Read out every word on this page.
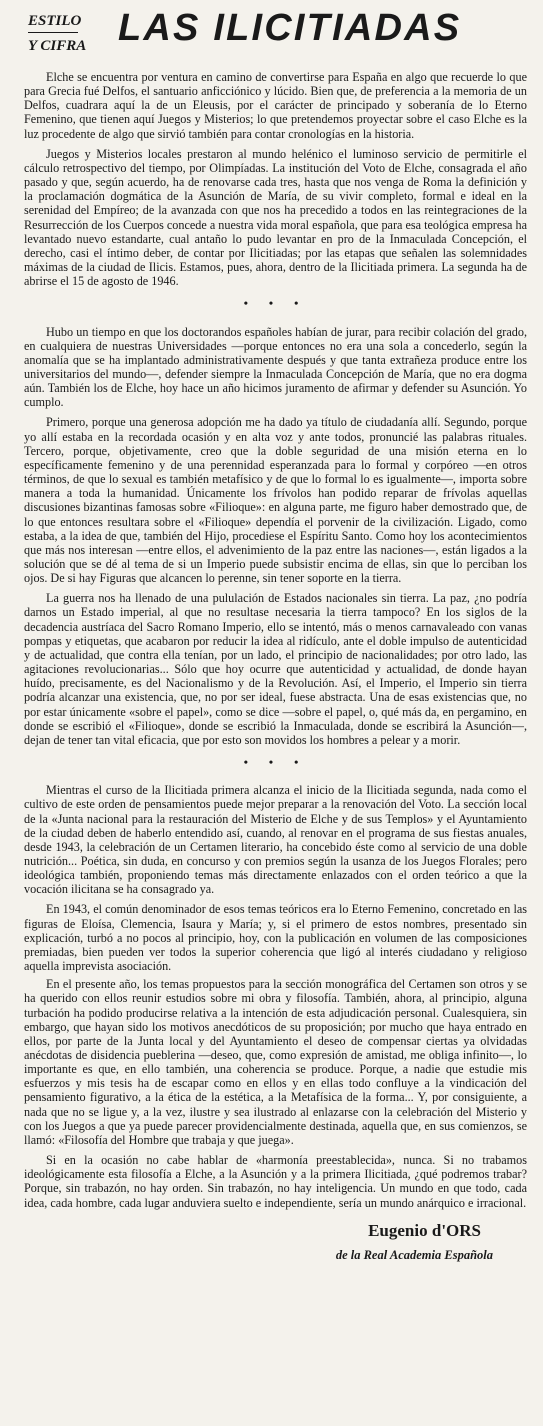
ESTILO
Y CIFRA LAS ILICITIADAS

Elche se encuentra por ventura en camino de convertirse para España en algo que recuerde lo que para Grecia fué Delfos, el santuario anficciónico y lúcido. Bien que, de preferencia a la memoria de un Delfos, cuadrara aquí la de un Eleusis, por el carácter de principado y soberanía de lo Eterno Femenino, que tienen aquí Juegos y Misterios; lo que pretendemos proyectar sobre el caso Elche es la luz procedente de algo que sirvió también para contar cronologías en la historia.

Juegos y Misterios locales prestaron al mundo helénico el luminoso servicio de permitirle el cálculo retrospectivo del tiempo, por Olimpíadas. La institución del Voto de Elche, consagrada el año pasado y que, según acuerdo, ha de renovarse cada tres, hasta que nos venga de Roma la definición y la proclamación dogmática de la Asunción de María, de su vivir completo, formal e ideal en la serenidad del Empíreo; de la avanzada con que nos ha precedido a todos en las reintegraciones de la Resurrección de los Cuerpos concede a nuestra vida moral española, que para esa teológica empresa ha levantado nuevo estandarte, cual antaño lo pudo levantar en pro de la Inmaculada Concepción, el derecho, casi el íntimo deber, de contar por Ilicitiadas; por las etapas que señalen las solemnidades máximas de la ciudad de Ilicis. Estamos, pues, ahora, dentro de la Ilicitiada primera. La segunda ha de abrirse el 15 de agosto de 1946.

• • •

Hubo un tiempo en que los doctorandos españoles habían de jurar, para recibir colación del grado, en cualquiera de nuestras Universidades —porque entonces no era una sola a concederlo, según la anomalía que se ha implantado administrativamente después y que tanta extrañeza produce entre los universitarios del mundo—, defender siempre la Inmaculada Concepción de María, que no era dogma aún. También los de Elche, hoy hace un año hicimos juramento de afirmar y defender su Asunción. Yo cumplo.

Primero, porque una generosa adopción me ha dado ya título de ciudadanía allí. Segundo, porque yo allí estaba en la recordada ocasión y en alta voz y ante todos, pronuncié las palabras rituales. Tercero, porque, objetivamente, creo que la doble seguridad de una misión eterna en lo específicamente femenino y de una perennidad esperanzada para lo formal y corpóreo —en otros términos, de que lo sexual es también metafísico y de que lo formal lo es igualmente—, importa sobre manera a toda la humanidad. Únicamente los frívolos han podido reparar de frívolas aquellas discusiones bizantinas famosas sobre «Filioque»: en alguna parte, me figuro haber demostrado que, de lo que entonces resultara sobre el «Filioque» dependía el porvenir de la civilización. Ligado, como estaba, a la idea de que, también del Hijo, procediese el Espíritu Santo. Como hoy los acontecimientos que más nos interesan —entre ellos, el advenimiento de la paz entre las naciones—, están ligados a la solución que se dé al tema de si un Imperio puede subsistir encima de ellas, sin que lo perciban los ojos. De si hay Figuras que alcancen lo perenne, sin tener soporte en la tierra.

La guerra nos ha llenado de una pululación de Estados nacionales sin tierra. La paz, ¿no podría darnos un Estado imperial, al que no resultase necesaria la tierra tampoco? En los siglos de la decadencia austríaca del Sacro Romano Imperio, ello se intentó, más o menos carnavaleado con vanas pompas y etiquetas, que acabaron por reducir la idea al ridículo, ante el doble impulso de autenticidad y de actualidad, que contra ella tenían, por un lado, el principio de nacionalidades; por otro lado, las agitaciones revolucionarias... Sólo que hoy ocurre que autenticidad y actualidad, de donde hayan huído, precisamente, es del Nacionalismo y de la Revolución. Así, el Imperio, el Imperio sin tierra podría alcanzar una existencia, que, no por ser ideal, fuese abstracta. Una de esas existencias que, no por estar únicamente «sobre el papel», como se dice —sobre el papel, o, qué más da, en pergamino, en donde se escribió el «Filioque», donde se escribió la Inmaculada, donde se escribirá la Asunción—, dejan de tener tan vital eficacia, que por esto son movidos los hombres a pelear y a morir.

• • •

Mientras el curso de la Ilicitiada primera alcanza el inicio de la Ilicitiada segunda, nada como el cultivo de este orden de pensamientos puede mejor preparar a la renovación del Voto. La sección local de la «Junta nacional para la restauración del Misterio de Elche y de sus Templos» y el Ayuntamiento de la ciudad deben de haberlo entendido así, cuando, al renovar en el programa de sus fiestas anuales, desde 1943, la celebración de un Certamen literario, ha concebido éste como al servicio de una doble nutrición... Poética, sin duda, en concurso y con premios según la usanza de los Juegos Florales; pero ideológica también, proponiendo temas más directamente enlazados con el orden teórico a que la vocación ilicitana se ha consagrado ya.

En 1943, el común denominador de esos temas teóricos era lo Eterno Femenino, concretado en las figuras de Eloísa, Clemencia, Isaura y María; y, si el primero de estos nombres, presentado sin explicación, turbó a no pocos al principio, hoy, con la publicación en volumen de las composiciones premiadas, bien pueden ver todos la superior coherencia que ligó al interés ciudadano y religioso aquella imprevista asociación.

En el presente año, los temas propuestos para la sección monográfica del Certamen son otros y se ha querido con ellos reunir estudios sobre mi obra y filosofía. También, ahora, al principio, alguna turbación ha podido producirse relativa a la intención de esta adjudicación personal. Cualesquiera, sin embargo, que hayan sido los motivos anecdóticos de su proposición; por mucho que haya entrado en ellos, por parte de la Junta local y del Ayuntamiento el deseo de compensar ciertas ya olvidadas anécdotas de disidencia pueblerina —deseo, que, como expresión de amistad, me obliga infinito—, lo importante es que, en ello también, una coherencia se produce. Porque, a nadie que estudie mis esfuerzos y mis tesis ha de escapar como en ellos y en ellas todo confluye a la vindicación del pensamiento figurativo, a la ética de la estética, a la Metafísica de la forma... Y, por consiguiente, a nada que no se ligue y, a la vez, ilustre y sea ilustrado al enlazarse con la celebración del Misterio y con los Juegos a que ya puede parecer providencialmente destinada, aquella que, en sus comienzos, se llamó: «Filosofía del Hombre que trabaja y que juega».

Si en la ocasión no cabe hablar de «harmonía preestablecida», nunca. Si no trabamos ideológicamente esta filosofía a Elche, a la Asunción y a la primera Ilicitiada, ¿qué podremos trabar? Porque, sin trabazón, no hay orden. Sin trabazón, no hay inteligencia. Un mundo en que todo, cada idea, cada hombre, cada lugar anduviera suelto e independiente, sería un mundo anárquico e irracional.

Eugenio d'ORS
de la Real Academia Española
